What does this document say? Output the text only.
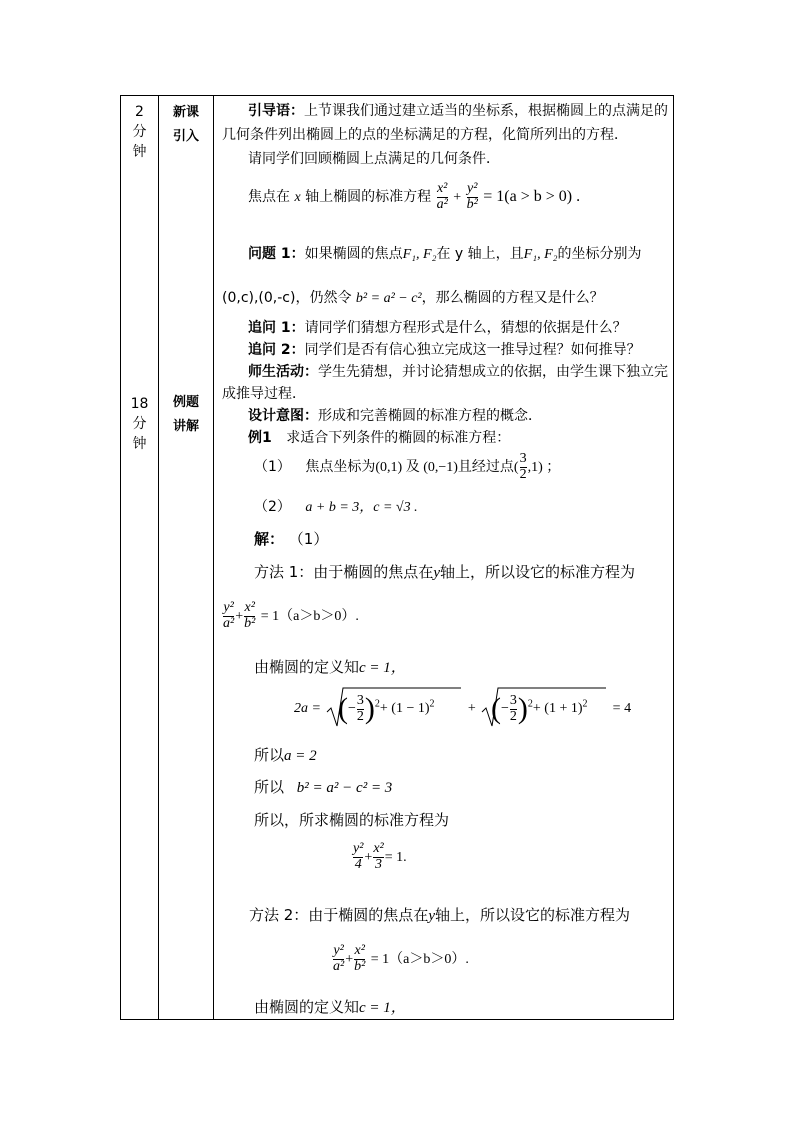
2
分
钟
18
分
钟
新课
引入
例题
讲解
引导语：上节课我们通过建立适当的坐标系，根据椭圆上的点满足的
几何条件列出椭圆上的点的坐标满足的方程，化简所列出的方程．
请同学们回顾椭圆上点满足的几何条件．
焦点在 x 轴上椭圆的标准方程 $\frac{\text{x²}}{\text{a²}} + \frac{\text{y²}}{\text{b²}} = 1(a > b > 0)$ .
问题 1：如果椭圆的焦点F₁, F₂在 y 轴上，且F₁, F₂的坐标分别为
(0,c),(0,-c)，仍然令 b² = a² − c²，那么椭圆的方程又是什么？
追问 1：请同学们猜想方程形式是什么，猜想的依据是什么？
追问 2：同学们是否有信心独立完成这一推导过程？如何推导？
师生活动：学生先猜想，并讨论猜想成立的依据，由学生课下独立完
成推导过程．
设计意图：形成和完善椭圆的标准方程的概念．
例1 求适合下列条件的椭圆的标准方程：
（1） 焦点坐标为(0,1) 及 (0,−1)且经过点( $\frac{3}{2} ,1$) ；
（2） a + b = 3，c = √3 .
解： （1）
方法 1：由于椭圆的焦点在y轴上，所以设它的标准方程为
$\frac{\text{y²}}{\text{a²}} + \frac{\text{x²}}{\text{b²}} = 1(a>b>0)$.
由椭圆的定义知c = 1，
2a = (− $\frac{3}{2} )^2+ (1 - 1)^2$ + (− $\frac{3}{2} )^2+ (1 + 1)^2 = 4$
所以a = 2
所以 b² = a² − c² = 3
所以，所求椭圆的标准方程为
$\frac{\text{y²}}{4} + \frac{\text{x²}}{3} = 1$.
方法 2：由于椭圆的焦点在y轴上，所以设它的标准方程为
$\frac{\text{y²}}{\text{a²}} + \frac{\text{x²}}{\text{b²}} = 1(a>b>0)$.
由椭圆的定义知c = 1，
